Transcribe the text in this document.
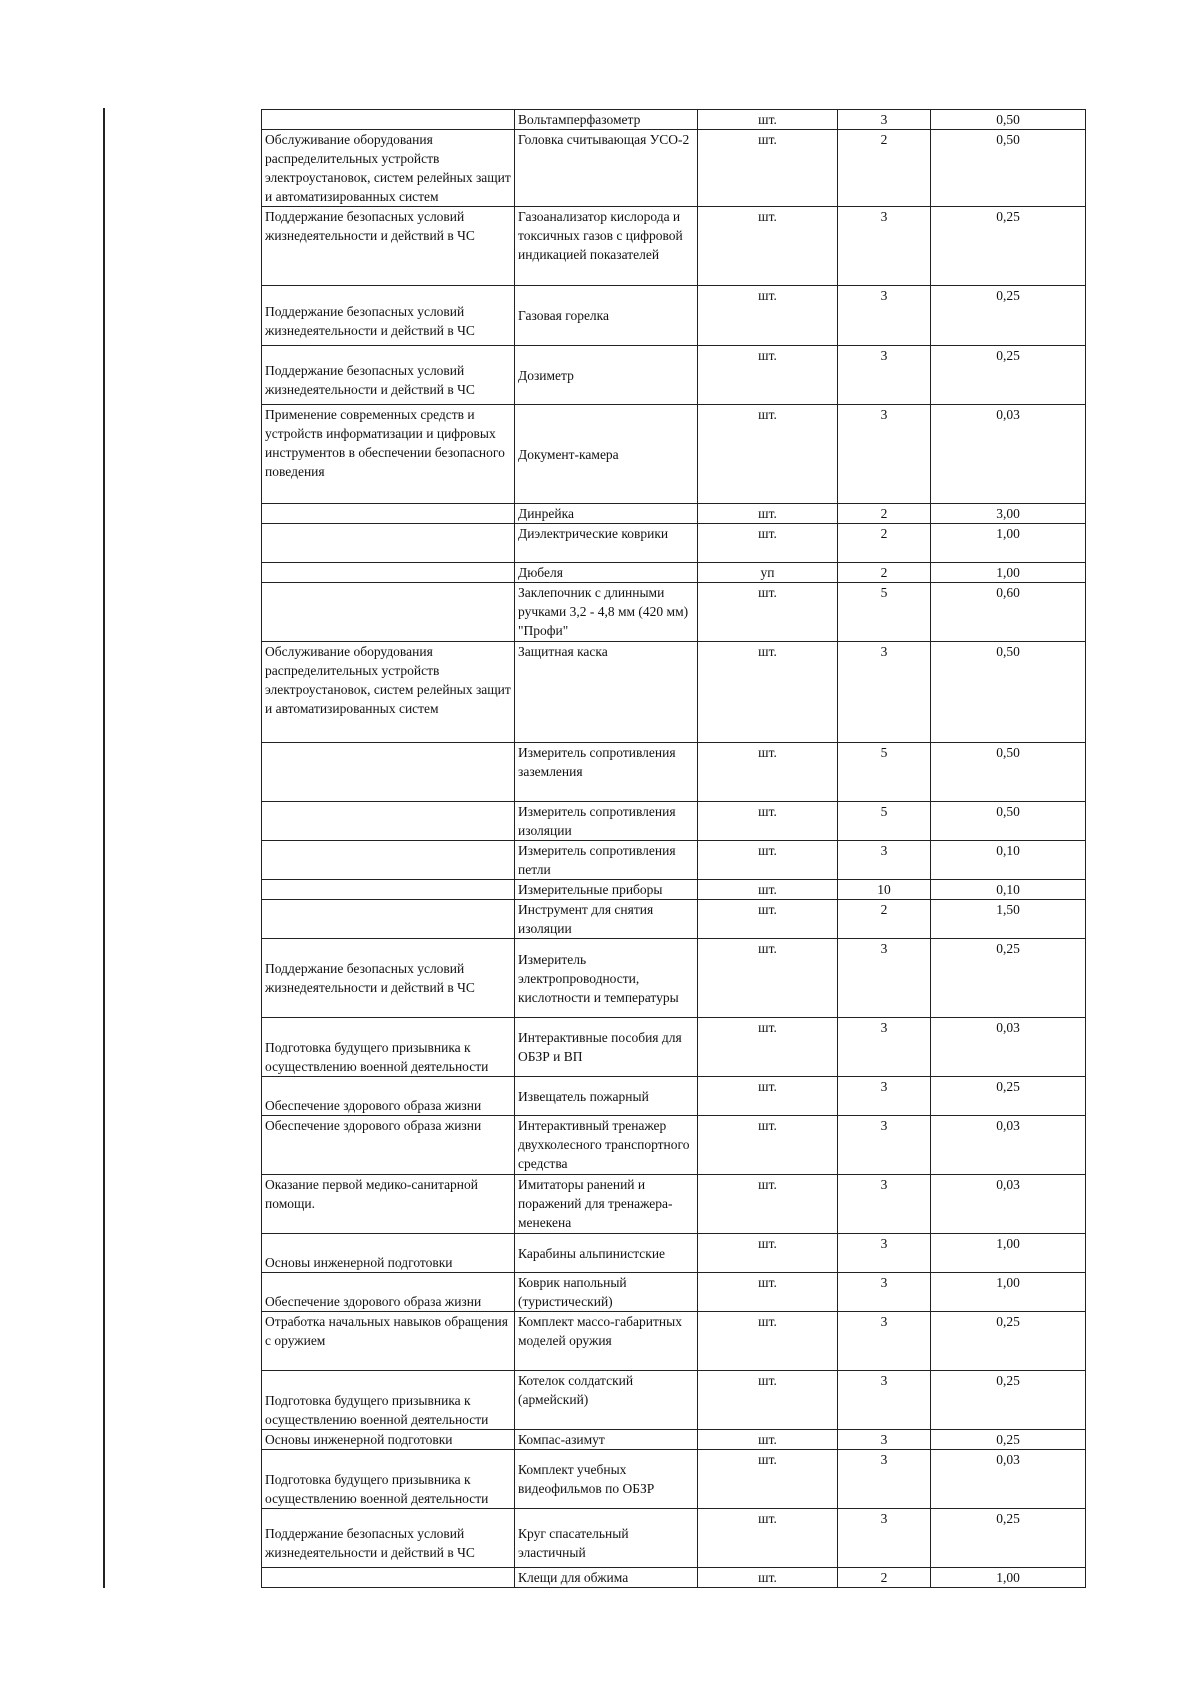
	Вольтамперфазометр	шт.	3	0,50
Обслуживание оборудования распределительных устройств электроустановок, систем релейных защит и автоматизированных систем	Головка считывающая УСО-2	шт.	2	0,50
Поддержание безопасных условий жизнедеятельности и действий в ЧС	Газоанализатор кислорода и токсичных газов с цифровой индикацией показателей	шт.	3	0,25
Поддержание безопасных условий жизнедеятельности и действий в ЧС	Газовая горелка	шт.	3	0,25
Поддержание безопасных условий жизнедеятельности и действий в ЧС	Дозиметр	шт.	3	0,25
Применение современных средств и устройств информатизации и цифровых инструментов в обеспечении безопасного поведения	Документ-камера	шт.	3	0,03
	Динрейка	шт.	2	3,00
	Диэлектрические коврики	шт.	2	1,00
	Дюбеля	уп	2	1,00
	Заклепочник с длинными ручками 3,2 - 4,8 мм (420 мм) "Профи"	шт.	5	0,60
Обслуживание оборудования распределительных устройств электроустановок, систем релейных защит и автоматизированных систем	Защитная каска	шт.	3	0,50
	Измеритель сопротивления заземления	шт.	5	0,50
	Измеритель сопротивления изоляции	шт.	5	0,50
	Измеритель сопротивления петли	шт.	3	0,10
	Измерительные приборы	шт.	10	0,10
	Инструмент для снятия изоляции	шт.	2	1,50
Поддержание безопасных условий жизнедеятельности и действий в ЧС	Измеритель электропроводности, кислотности и температуры	шт.	3	0,25
Подготовка будущего призывника к осуществлению военной деятельности	Интерактивные пособия для ОБЗР и ВП	шт.	3	0,03
Обеспечение здорового образа жизни	Извещатель пожарный	шт.	3	0,25
Обеспечение здорового образа жизни	Интерактивный тренажер двухколесного транспортного средства	шт.	3	0,03
Оказание первой медико-санитарной помощи.	Имитаторы ранений и поражений для тренажера-менекена	шт.	3	0,03
Основы инженерной подготовки	Карабины альпинистские	шт.	3	1,00
Обеспечение здорового образа жизни	Коврик напольный (туристический)	шт.	3	1,00
Отработка начальных навыков обращения с оружием	Комплект массо-габаритных моделей оружия	шт.	3	0,25
Подготовка будущего призывника к осуществлению военной деятельности	Котелок солдатский (армейский)	шт.	3	0,25
Основы инженерной подготовки	Компас-азимут	шт.	3	0,25
Подготовка будущего призывника к осуществлению военной деятельности	Комплект учебных видеофильмов по ОБЗР	шт.	3	0,03
Поддержание безопасных условий жизнедеятельности и действий в ЧС	Круг спасательный эластичный	шт.	3	0,25
	Клещи для обжима	шт.	2	1,00
